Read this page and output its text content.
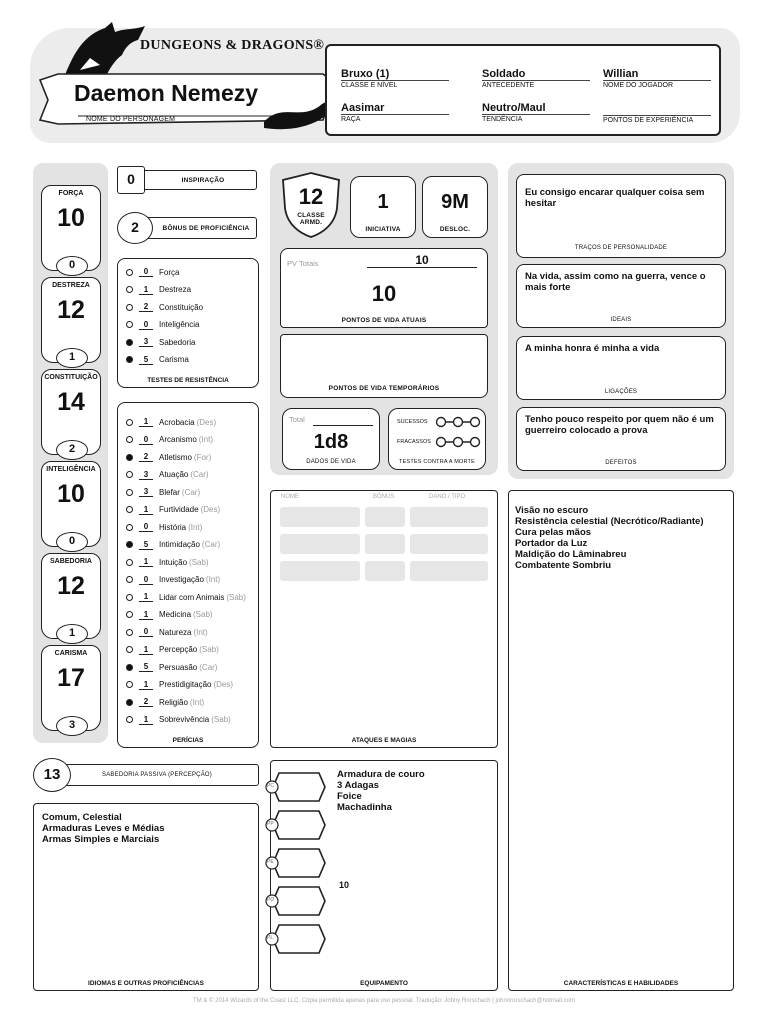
DUNGEONS & DRAGONS®
Daemon Nemezy
NOME DO PERSONAGEM
Bruxo (1)
CLASSE E NÍVEL
Soldado
ANTECEDENTE
Willian
NOME DO JOGADOR
Aasimar
RAÇA
Neutro/Maul
TENDÊNCIA	PONTOS DE EXPERIÊNCIA
FORÇA
10
0
DESTREZA
12
1
CONSTITUIÇÃO
14
2
INTELIGÊNCIA
10
0
SABEDORIA
12
1
CARISMA
17
3
0	INSPIRAÇÃO
2	BÔNUS DE PROFICIÊNCIA
0	Força
1	Destreza
2	Constituição
0	Inteligência
3	Sabedoria
5	Carisma
TESTES DE RESISTÊNCIA
1	Acrobacia (Des)
0	Arcanismo (Int)
2	Atletismo (For)
3	Atuação (Car)
3	Blefar (Car)
1	Furtividade (Des)
0	História (Int)
5	Intimidação (Car)
1	Intuição (Sab)
0	Investigação (Int)
1	Lidar com Animais (Sab)
1	Medicina (Sab)
0	Natureza (Int)
1	Percepção (Sab)
5	Persuasão (Car)
1	Prestidigitação (Des)
2	Religião (Int)
1	Sobrevivência (Sab)
PERÍCIAS
13	SABEDORIA PASSIVA (PERCEPÇÃO)
Comum, Celestial
Armaduras Leves e Médias
Armas Simples e Marciais
IDIOMAS E OUTRAS PROFICIÊNCIAS
12
CLASSE ARMD.
1
INICIATIVA
9M
DESLOC.
PV Totais	10
10
PONTOS DE VIDA ATUAIS
PONTOS DE VIDA TEMPORÁRIOS
Total
1d8
DADOS DE VIDA
SUCESSOS
FRACASSOS
TESTES CONTRA A MORTE
NOME	BÔNUS	DANO / TIPO
ATAQUES E MAGIAS
PC
PP
PE
PO
PL
Armadura de couro
3 Adagas
Foice
Machadinha
10
EQUIPAMENTO
Eu consigo encarar qualquer coisa sem hesitar
TRAÇOS DE PERSONALIDADE
Na vida, assim como na guerra, vence o mais forte
IDEAIS
A minha honra é minha a vida
LIGAÇÕES
Tenho pouco respeito por quem não é um guerreiro colocado a prova
DEFEITOS
Visão no escuro
Resistência celestial (Necrótico/Radiante)
Cura pelas mãos
Portador da Luz
Maldição do Lâminabreu
Combatente Sombriu
CARACTERÍSTICAS E HABILIDADES
TM & © 2014 Wizards of the Coast LLC. Cópia permitida apenas para uso pessoal. Tradução: Johny Rorschach | johnnrorschach@hotmail.com
